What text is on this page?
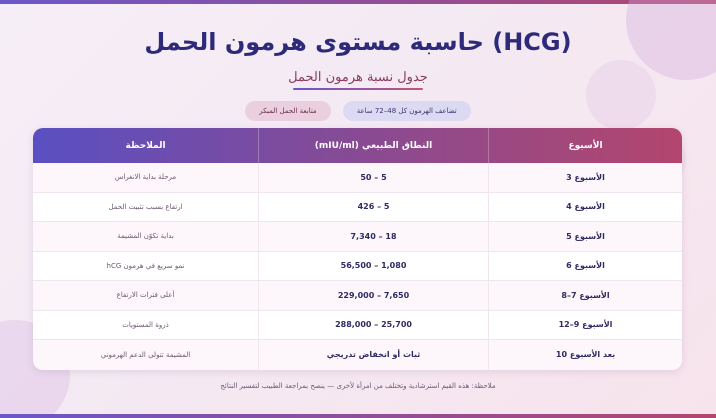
(HCG) حاسبة مستوى هرمون الحمل
جدول نسبة هرمون الحمل
تضاعف الهرمون كل 48–72 ساعة
متابعة الحمل المبكر
الأسبوع
النطاق الطبيعي (mIU/ml)
الملاحظة
الأسبوع 3
5 – 50
مرحلة بداية الانغراس
الأسبوع 4
5 – 426
ارتفاع بسبب تثبيت الحمل
الأسبوع 5
18 – 7,340
بداية تكوّن المشيمة
الأسبوع 6
1,080 – 56,500
نمو سريع في هرمون hCG
الأسبوع 7–8
7,650 – 229,000
أعلى فترات الارتفاع
الأسبوع 9–12
25,700 – 288,000
ذروة المستويات
بعد الأسبوع 10
ثبات أو انخفاض تدريجي
المشيمة تتولى الدعم الهرموني
ملاحظة: هذه القيم استرشادية وتختلف من امرأة لأخرى — ينصح بمراجعة الطبيب لتفسير النتائج
